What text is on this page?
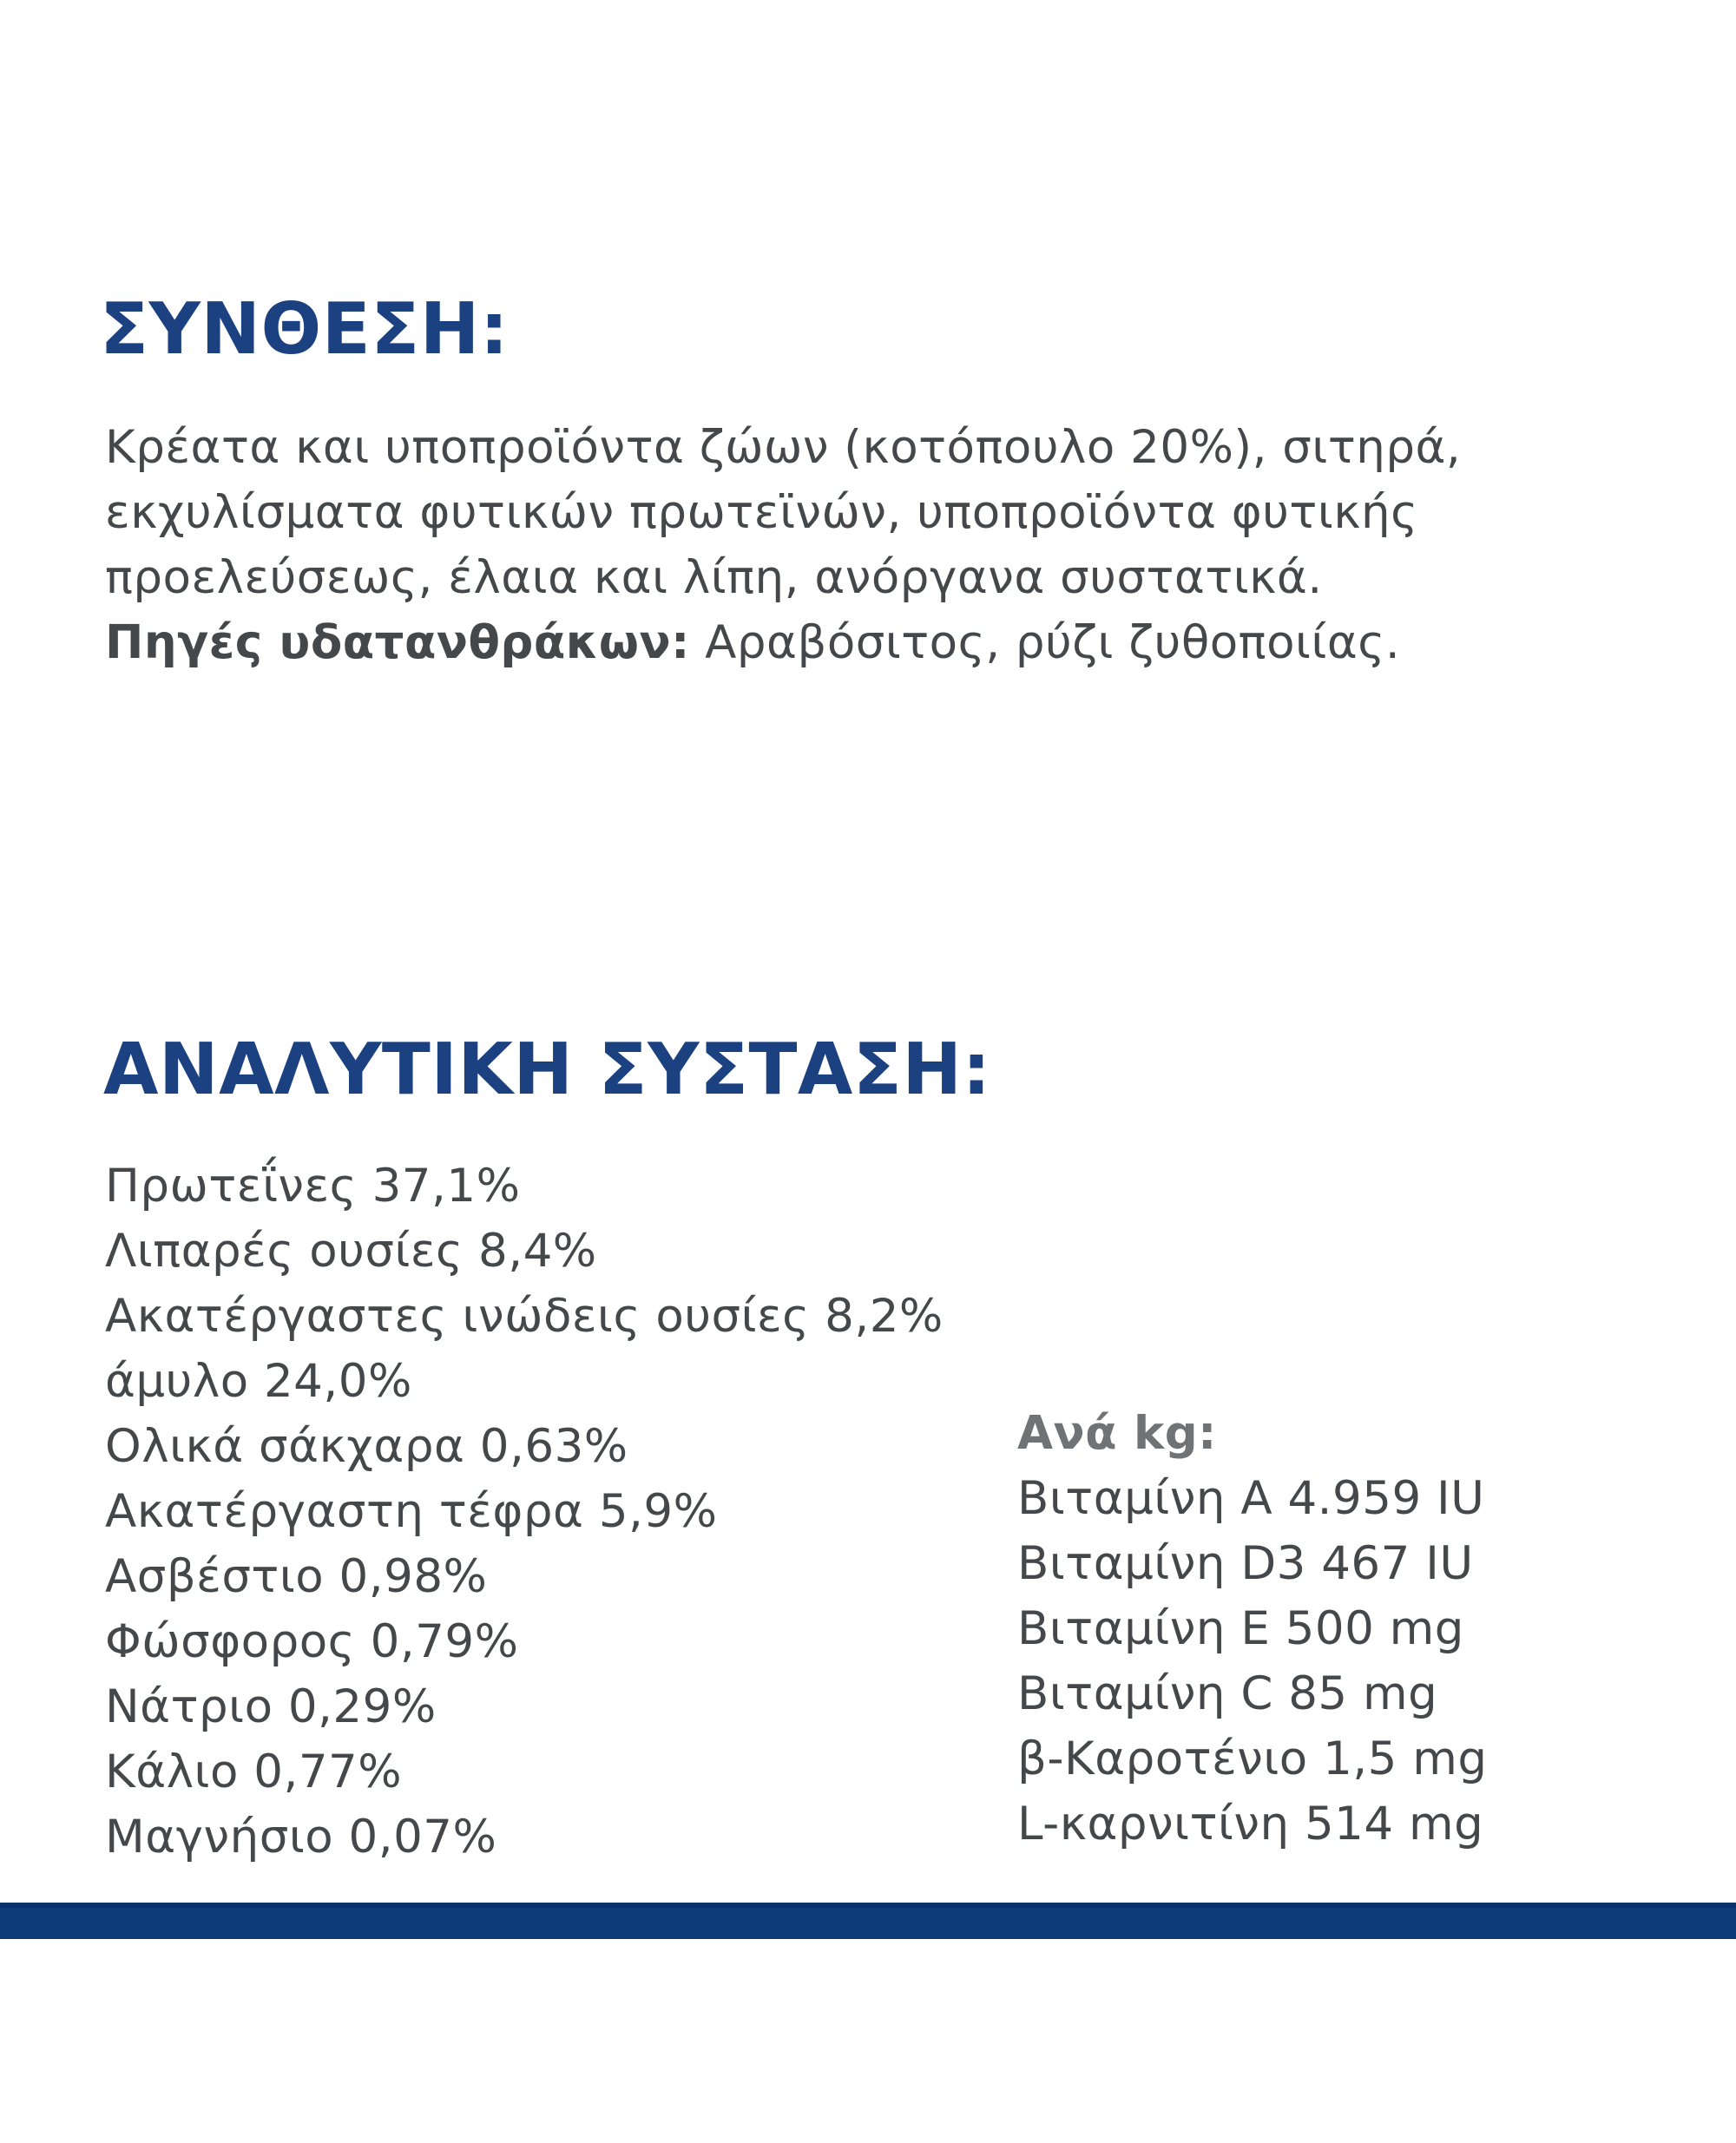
ΣΥΝΘΕΣΗ:
Κρέατα και υποπροϊόντα ζώων (κοτόπουλο 20%), σιτηρά,
εκχυλίσματα φυτικών πρωτεϊνών, υποπροϊόντα φυτικής
προελεύσεως, έλαια και λίπη, ανόργανα συστατικά.
Πηγές υδατανθράκων: Αραβόσιτος, ρύζι ζυθοποιίας.
ΑΝΑΛΥΤΙΚΗ ΣΥΣΤΑΣΗ:
Πρωτεΐνες 37,1%
Λιπαρές ουσίες 8,4%
Ακατέργαστες ινώδεις ουσίες 8,2%
άμυλο 24,0%
Ολικά σάκχαρα 0,63%
Ακατέργαστη τέφρα 5,9%
Ασβέστιο 0,98%
Φώσφορος 0,79%
Νάτριο 0,29%
Κάλιο 0,77%
Μαγνήσιο 0,07%
Ανά kg:
Βιταμίνη A 4.959 IU
Βιταμίνη D3 467 IU
Βιταμίνη E 500 mg
Βιταμίνη C 85 mg
β-Καροτένιο 1,5 mg
L-καρνιτίνη 514 mg
